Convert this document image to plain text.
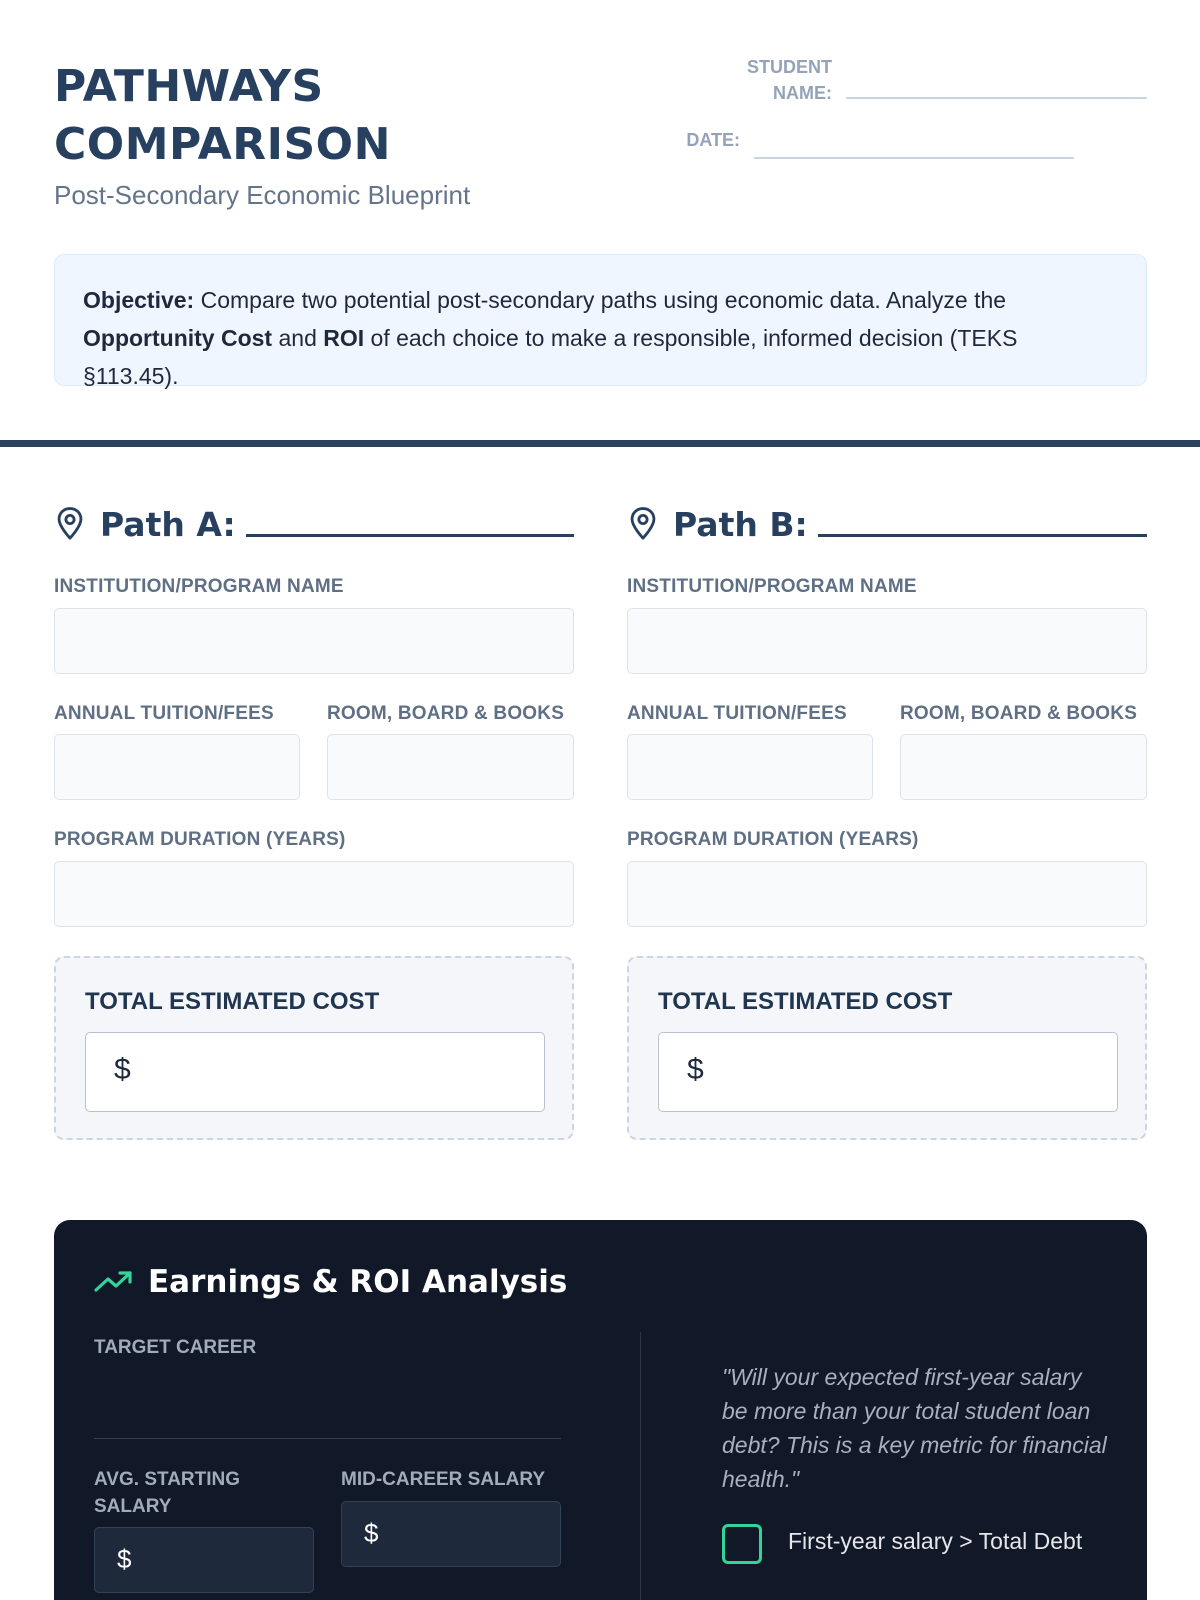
PATHWAYS
COMPARISON
Post-Secondary Economic Blueprint
STUDENT
NAME:
DATE:
Objective: Compare two potential post-secondary paths using economic data. Analyze the Opportunity Cost and ROI of each choice to make a responsible, informed decision (TEKS §113.45).
Path A:
INSTITUTION/PROGRAM NAME
ANNUAL TUITION/FEES	ROOM, BOARD & BOOKS
PROGRAM DURATION (YEARS)
TOTAL ESTIMATED COST
$
Path B:
INSTITUTION/PROGRAM NAME
ANNUAL TUITION/FEES	ROOM, BOARD & BOOKS
PROGRAM DURATION (YEARS)
TOTAL ESTIMATED COST
$
Earnings & ROI Analysis
TARGET CAREER
AVG. STARTING
SALARY
$
MID-CAREER SALARY
$
"Will your expected first-year salary be more than your total student loan debt? This is a key metric for financial health."
First-year salary > Total Debt
